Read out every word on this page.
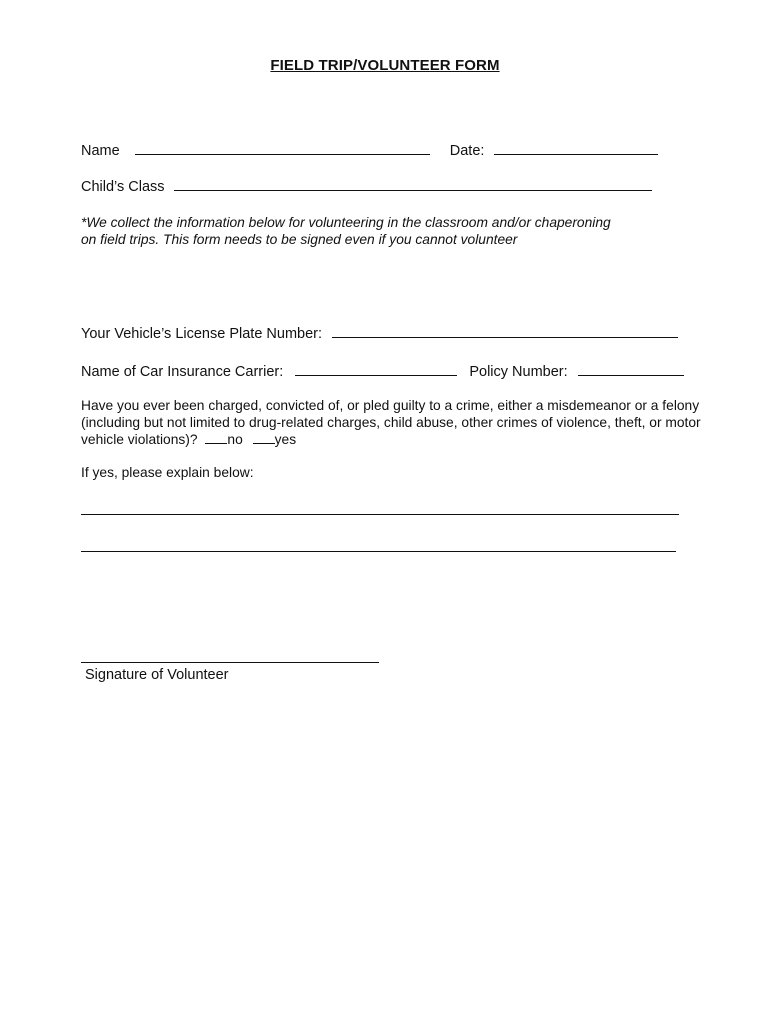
FIELD TRIP/VOLUNTEER FORM
Name	Date:
Child’s Class
*We collect the information below for volunteering in the classroom and/or chaperoning
on field trips. This form needs to be signed even if you cannot volunteer
Your Vehicle’s License Plate Number:
Name of Car Insurance Carrier:	Policy Number:
Have you ever been charged, convicted of, or pled guilty to a crime, either a misdemeanor or a felony (including but not limited to drug-related charges, child abuse, other crimes of violence, theft, or motor vehicle violations)? no yes
If yes, please explain below:
Signature of Volunteer
